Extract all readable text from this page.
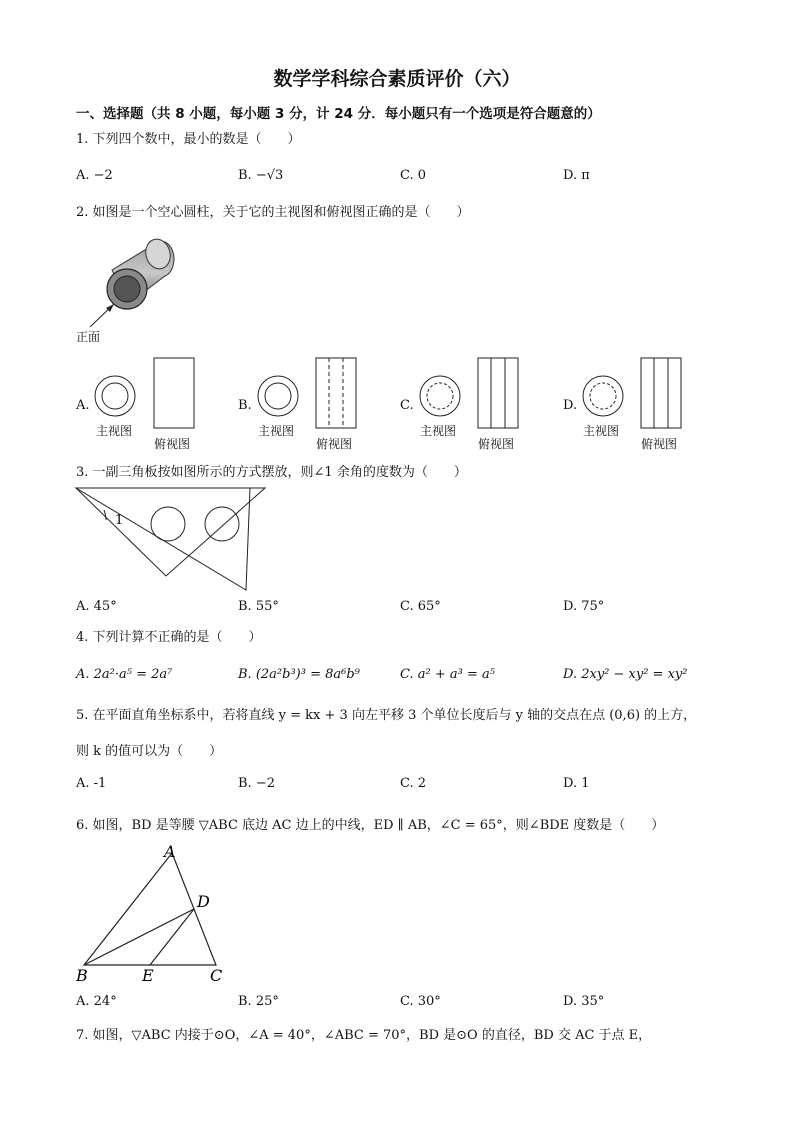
数学学科综合素质评价（六）
一、选择题（共 8 小题，每小题 3 分，计 24 分．每小题只有一个选项是符合题意的）
1. 下列四个数中，最小的数是（　　）
A. −2	B. −√3	C. 0	D. π
2. 如图是一个空心圆柱，关于它的主视图和俯视图正确的是（　　）
正面
A.
主视图
俯视图
B.
主视图
俯视图
C.
主视图
俯视图
D.
主视图
俯视图
3. 一副三角板按如图所示的方式摆放，则∠1 余角的度数为（　　）
1
A. 45°	B. 55°	C. 65°	D. 75°
4. 下列计算不正确的是（　　）
A. 2a²·a⁵ = 2a⁷	B. (2a²b³)³ = 8a⁶b⁹	C. a² + a³ = a⁵	D. 2xy² − xy² = xy²
5. 在平面直角坐标系中，若将直线 y = kx + 3 向左平移 3 个单位长度后与 y 轴的交点在点 (0,6) 的上方，
则 k 的值可以为（　　）
A. -1	B. −2	C. 2	D. 1
6. 如图，BD 是等腰 ▽ABC 底边 AC 边上的中线，ED ∥ AB，∠C = 65°，则∠BDE 度数是（　　）
A
D
B	E	C
A. 24°	B. 25°	C. 30°	D. 35°
7. 如图，▽ABC 内接于⊙O，∠A = 40°，∠ABC = 70°，BD 是⊙O 的直径，BD 交 AC 于点 E，
